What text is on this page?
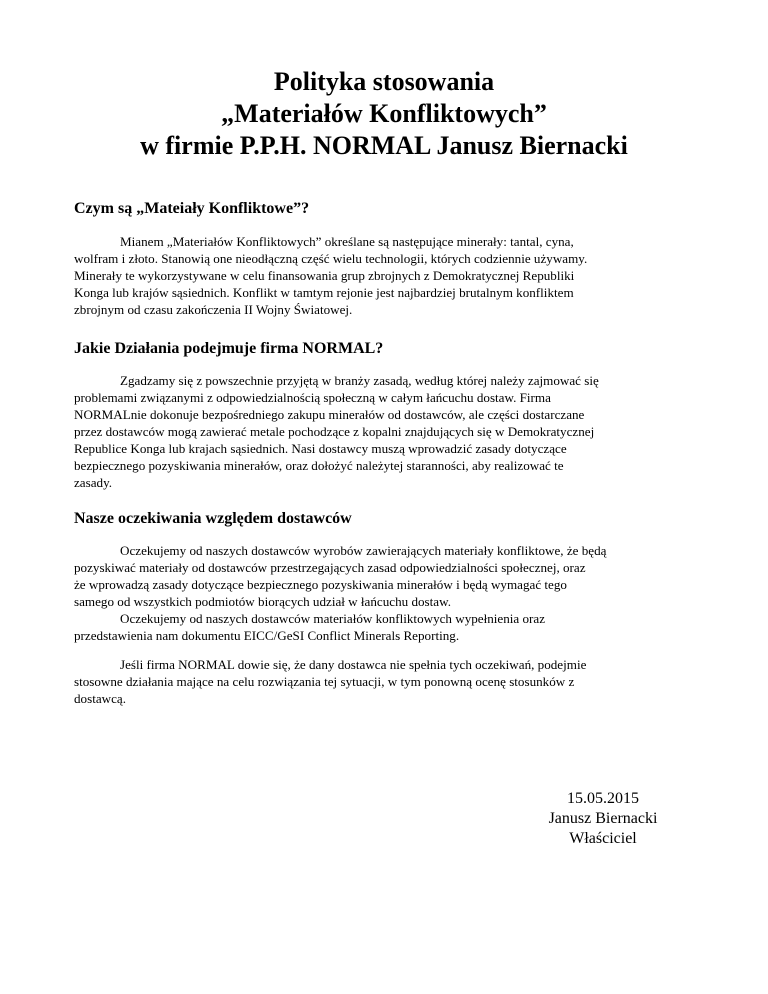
Polityka stosowania
„Materiałów Konfliktowych”
w firmie P.P.H. NORMAL Janusz Biernacki
Czym są „Mateiały Konfliktowe”?
Mianem „Materiałów Konfliktowych” określane są następujące minerały: tantal, cyna,
wolfram i złoto. Stanowią one nieodłączną część wielu technologii, których codziennie używamy.
Minerały te wykorzystywane w celu finansowania grup zbrojnych z Demokratycznej Republiki
Konga lub krajów sąsiednich. Konflikt w tamtym rejonie jest najbardziej brutalnym konfliktem
zbrojnym od czasu zakończenia II Wojny Światowej.
Jakie Działania podejmuje firma NORMAL?
Zgadzamy się z powszechnie przyjętą w branży zasadą, według której należy zajmować się
problemami związanymi z odpowiedzialnością społeczną w całym łańcuchu dostaw. Firma
NORMALnie dokonuje bezpośredniego zakupu minerałów od dostawców, ale części dostarczane
przez dostawców mogą zawierać metale pochodzące z kopalni znajdujących się w Demokratycznej
Republice Konga lub krajach sąsiednich. Nasi dostawcy muszą wprowadzić zasady dotyczące
bezpiecznego pozyskiwania minerałów, oraz dołożyć należytej staranności, aby realizować te
zasady.
Nasze oczekiwania względem dostawców
Oczekujemy od naszych dostawców wyrobów zawierających materiały konfliktowe, że będą
pozyskiwać materiały od dostawców przestrzegających zasad odpowiedzialności społecznej, oraz
że wprowadzą zasady dotyczące bezpiecznego pozyskiwania minerałów i będą wymagać tego
samego od wszystkich podmiotów biorących udział w łańcuchu dostaw.
Oczekujemy od naszych dostawców materiałów konfliktowych wypełnienia oraz
przedstawienia nam dokumentu EICC/GeSI Conflict Minerals Reporting.
Jeśli firma NORMAL dowie się, że dany dostawca nie spełnia tych oczekiwań, podejmie
stosowne działania mające na celu rozwiązania tej sytuacji, w tym ponowną ocenę stosunków z
dostawcą.
15.05.2015
Janusz Biernacki
Właściciel
